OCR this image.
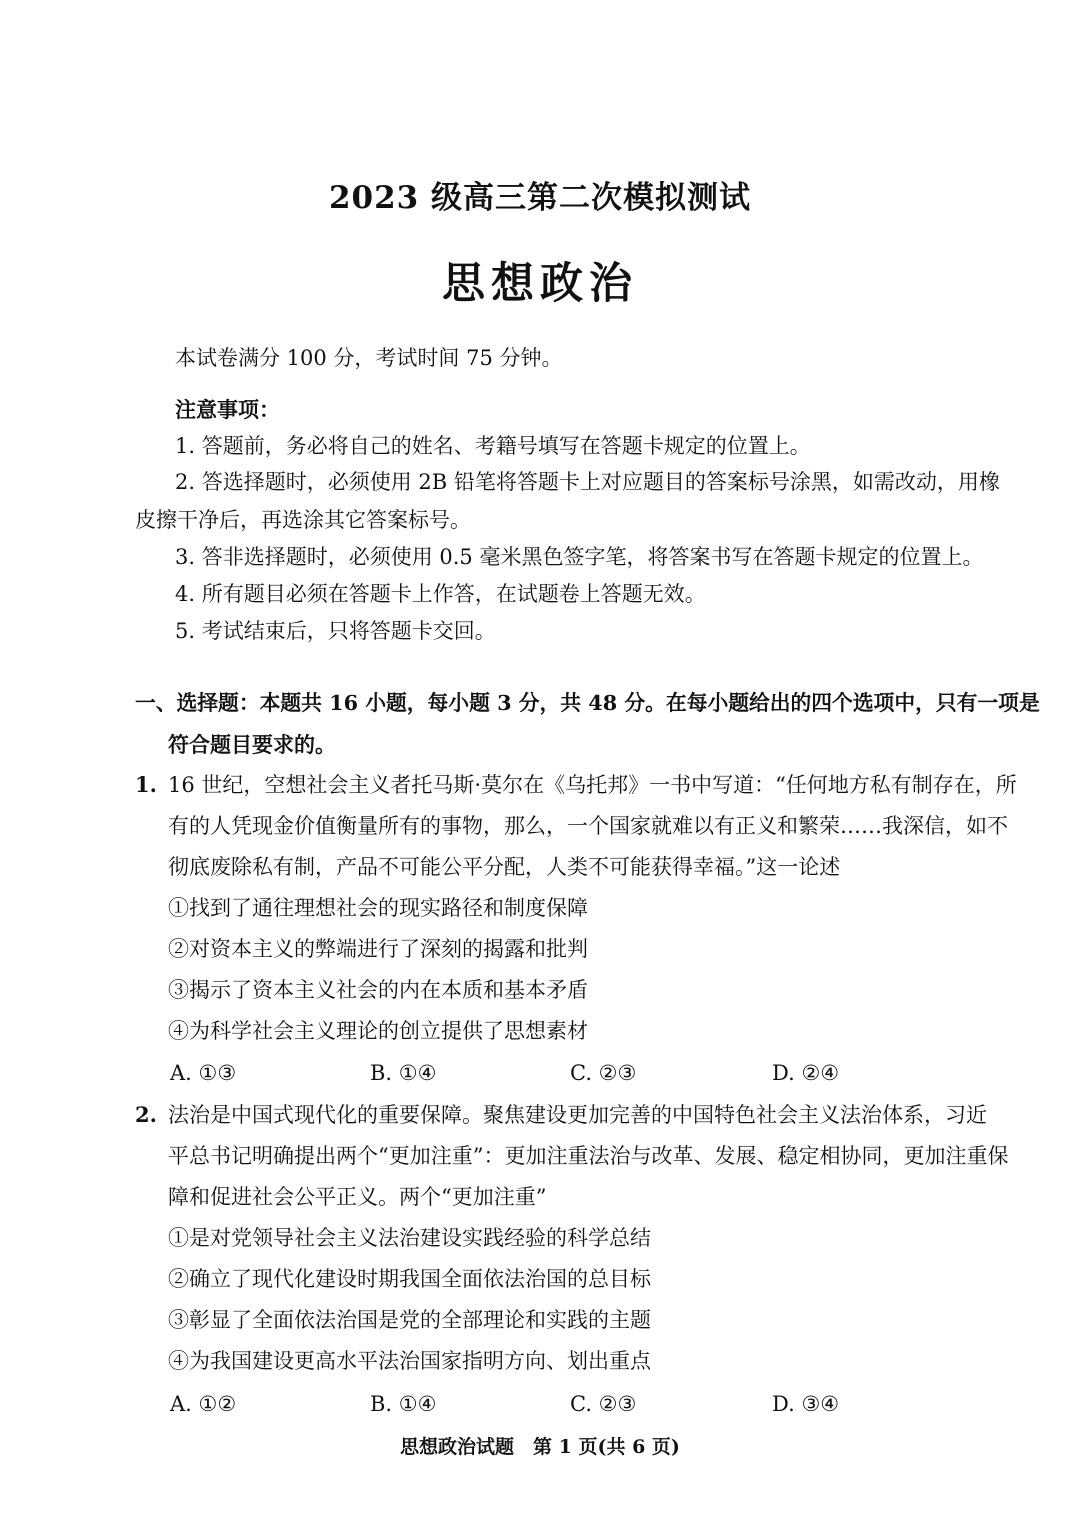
2023 级高三第二次模拟测试
思想政治
本试卷满分 100 分，考试时间 75 分钟。
注意事项：
1. 答题前，务必将自己的姓名、考籍号填写在答题卡规定的位置上。
2. 答选择题时，必须使用 2B 铅笔将答题卡上对应题目的答案标号涂黑，如需改动，用橡
皮擦干净后，再选涂其它答案标号。
3. 答非选择题时，必须使用 0.5 毫米黑色签字笔，将答案书写在答题卡规定的位置上。
4. 所有题目必须在答题卡上作答，在试题卷上答题无效。
5. 考试结束后，只将答题卡交回。
一、选择题：本题共 16 小题，每小题 3 分，共 48 分。在每小题给出的四个选项中，只有一项是
符合题目要求的。
1. 16 世纪，空想社会主义者托马斯·莫尔在《乌托邦》一书中写道：“任何地方私有制存在，所
有的人凭现金价值衡量所有的事物，那么，一个国家就难以有正义和繁荣……我深信，如不
彻底废除私有制，产品不可能公平分配，人类不可能获得幸福。”这一论述
①找到了通往理想社会的现实路径和制度保障
②对资本主义的弊端进行了深刻的揭露和批判
③揭示了资本主义社会的内在本质和基本矛盾
④为科学社会主义理论的创立提供了思想素材
A. ①③	B. ①④	C. ②③	D. ②④
2. 法治是中国式现代化的重要保障。聚焦建设更加完善的中国特色社会主义法治体系，习近
平总书记明确提出两个“更加注重”：更加注重法治与改革、发展、稳定相协同，更加注重保
障和促进社会公平正义。两个“更加注重”
①是对党领导社会主义法治建设实践经验的科学总结
②确立了现代化建设时期我国全面依法治国的总目标
③彰显了全面依法治国是党的全部理论和实践的主题
④为我国建设更高水平法治国家指明方向、划出重点
A. ①②	B. ①④	C. ②③	D. ③④
思想政治试题　第 1 页(共 6 页)
